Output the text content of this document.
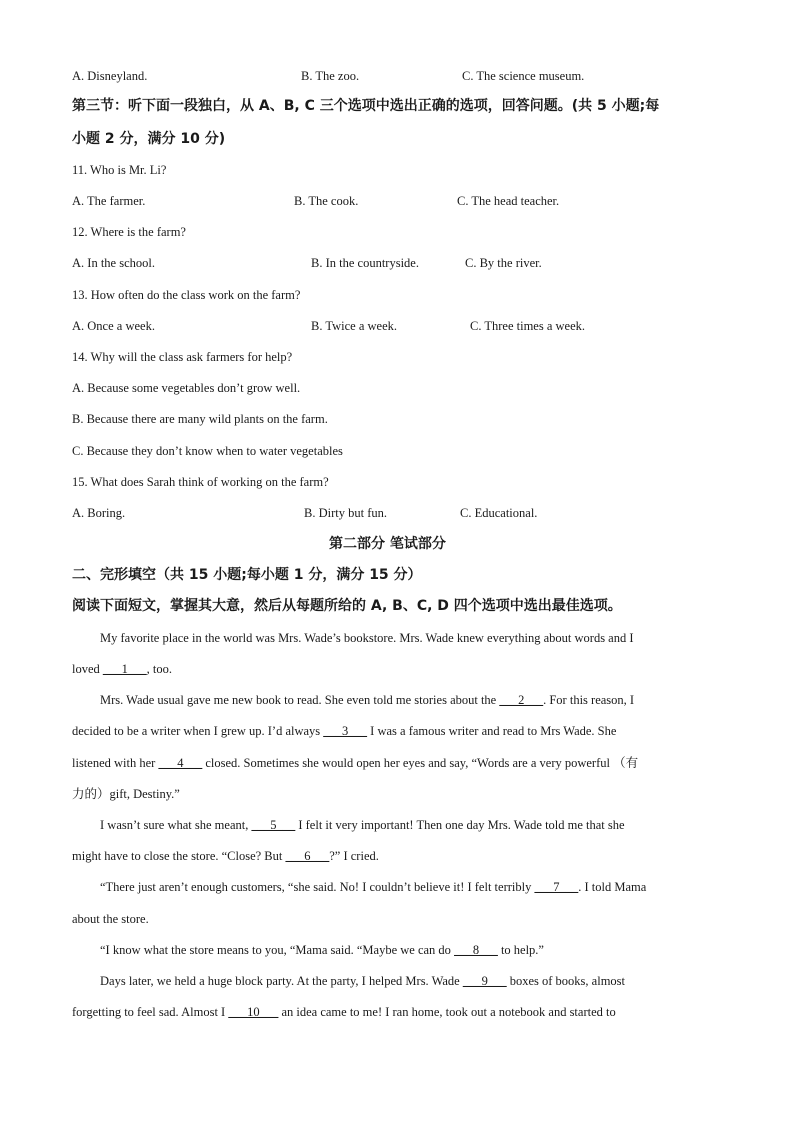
A. Disneyland.	B. The zoo.	C. The science museum.
第三节：听下面一段独白，从 A、B, C 三个选项中选出正确的选项，回答问题。(共 5 小题;每
小题 2 分，满分 10 分)
11. Who is Mr. Li?
A. The farmer.	B. The cook.	C. The head teacher.
12. Where is the farm?
A. In the school.	B. In the countryside.	C. By the river.
13. How often do the class work on the farm?
A. Once a week.	B. Twice a week.	C. Three times a week.
14. Why will the class ask farmers for help?
A. Because some vegetables don’t grow well.
B. Because there are many wild plants on the farm.
C. Because they don’t know when to water vegetables
15. What does Sarah think of working on the farm?
A. Boring.	B. Dirty but fun.	C. Educational.
第二部分 笔试部分
二、完形填空（共 15 小题;每小题 1 分，满分 15 分）
阅读下面短文，掌握其大意，然后从每题所给的 A, B、C, D 四个选项中选出最佳选项。
My favorite place in the world was Mrs. Wade’s bookstore. Mrs. Wade knew everything about words and I
loved ___1___, too.
Mrs. Wade usual gave me new book to read. She even told me stories about the ___2___. For this reason, I
decided to be a writer when I grew up. I’d always ___3___ I was a famous writer and read to Mrs Wade. She
listened with her ___4___ closed. Sometimes she would open her eyes and say, “Words are a very powerful （有
力的）gift, Destiny.”
I wasn’t sure what she meant, ___5___ I felt it very important! Then one day Mrs. Wade told me that she
might have to close the store. “Close? But ___6___?” I cried.
“There just aren’t enough customers, “she said. No! I couldn’t believe it! I felt terribly ___7___. I told Mama
about the store.
“I know what the store means to you, “Mama said. “Maybe we can do ___8___ to help.”
Days later, we held a huge block party. At the party, I helped Mrs. Wade ___9___ boxes of books, almost
forgetting to feel sad. Almost I ___10___ an idea came to me! I ran home, took out a notebook and started to
